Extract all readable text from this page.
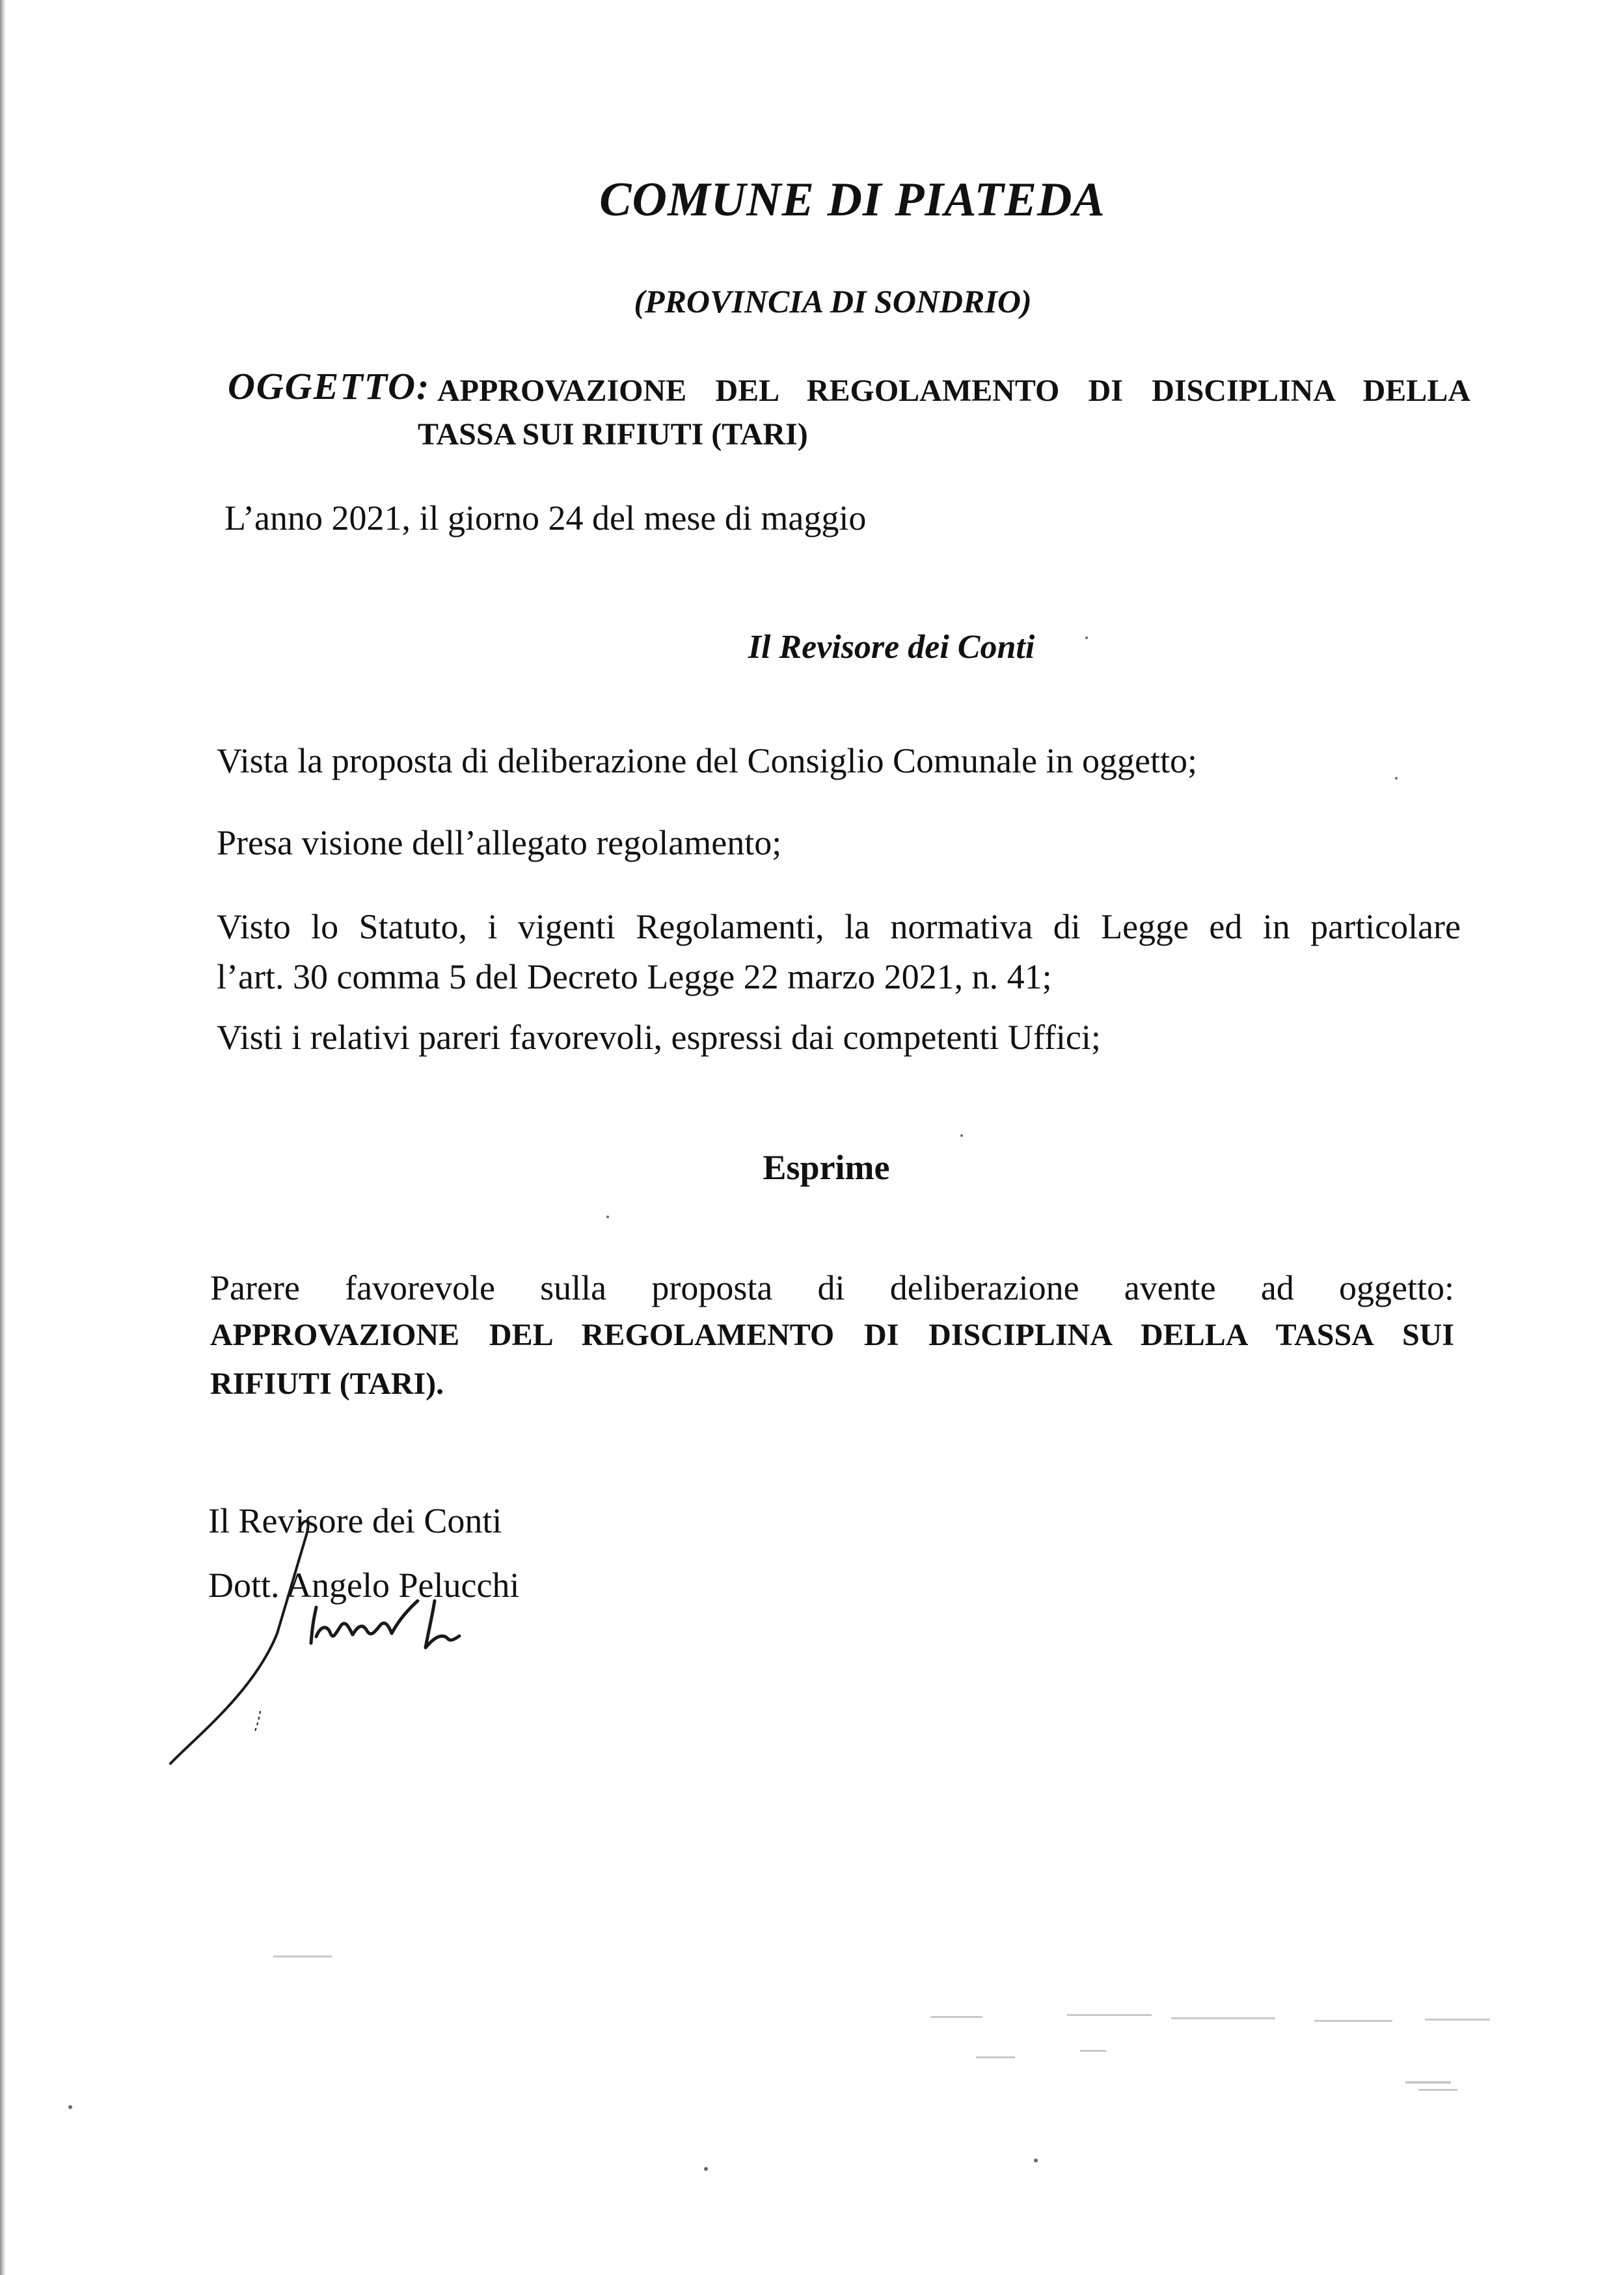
COMUNE DI PIATEDA
(PROVINCIA DI SONDRIO)
OGGETTO: APPROVAZIONE DEL REGOLAMENTO DI DISCIPLINA DELLA
TASSA SUI RIFIUTI (TARI)
L’anno 2021, il giorno 24 del mese di maggio
Il Revisore dei Conti
Vista la proposta di deliberazione del Consiglio Comunale in oggetto;
Presa visione dell’allegato regolamento;
Visto lo Statuto, i vigenti Regolamenti, la normativa di Legge ed in particolare
l’art. 30 comma 5 del Decreto Legge 22 marzo 2021, n. 41;
Visti i relativi pareri favorevoli, espressi dai competenti Uffici;
Esprime
Parere favorevole sulla proposta di deliberazione avente ad oggetto:
APPROVAZIONE DEL REGOLAMENTO DI DISCIPLINA DELLA TASSA SUI
RIFIUTI (TARI).
Il Revisore dei Conti
Dott. Angelo Pelucchi
